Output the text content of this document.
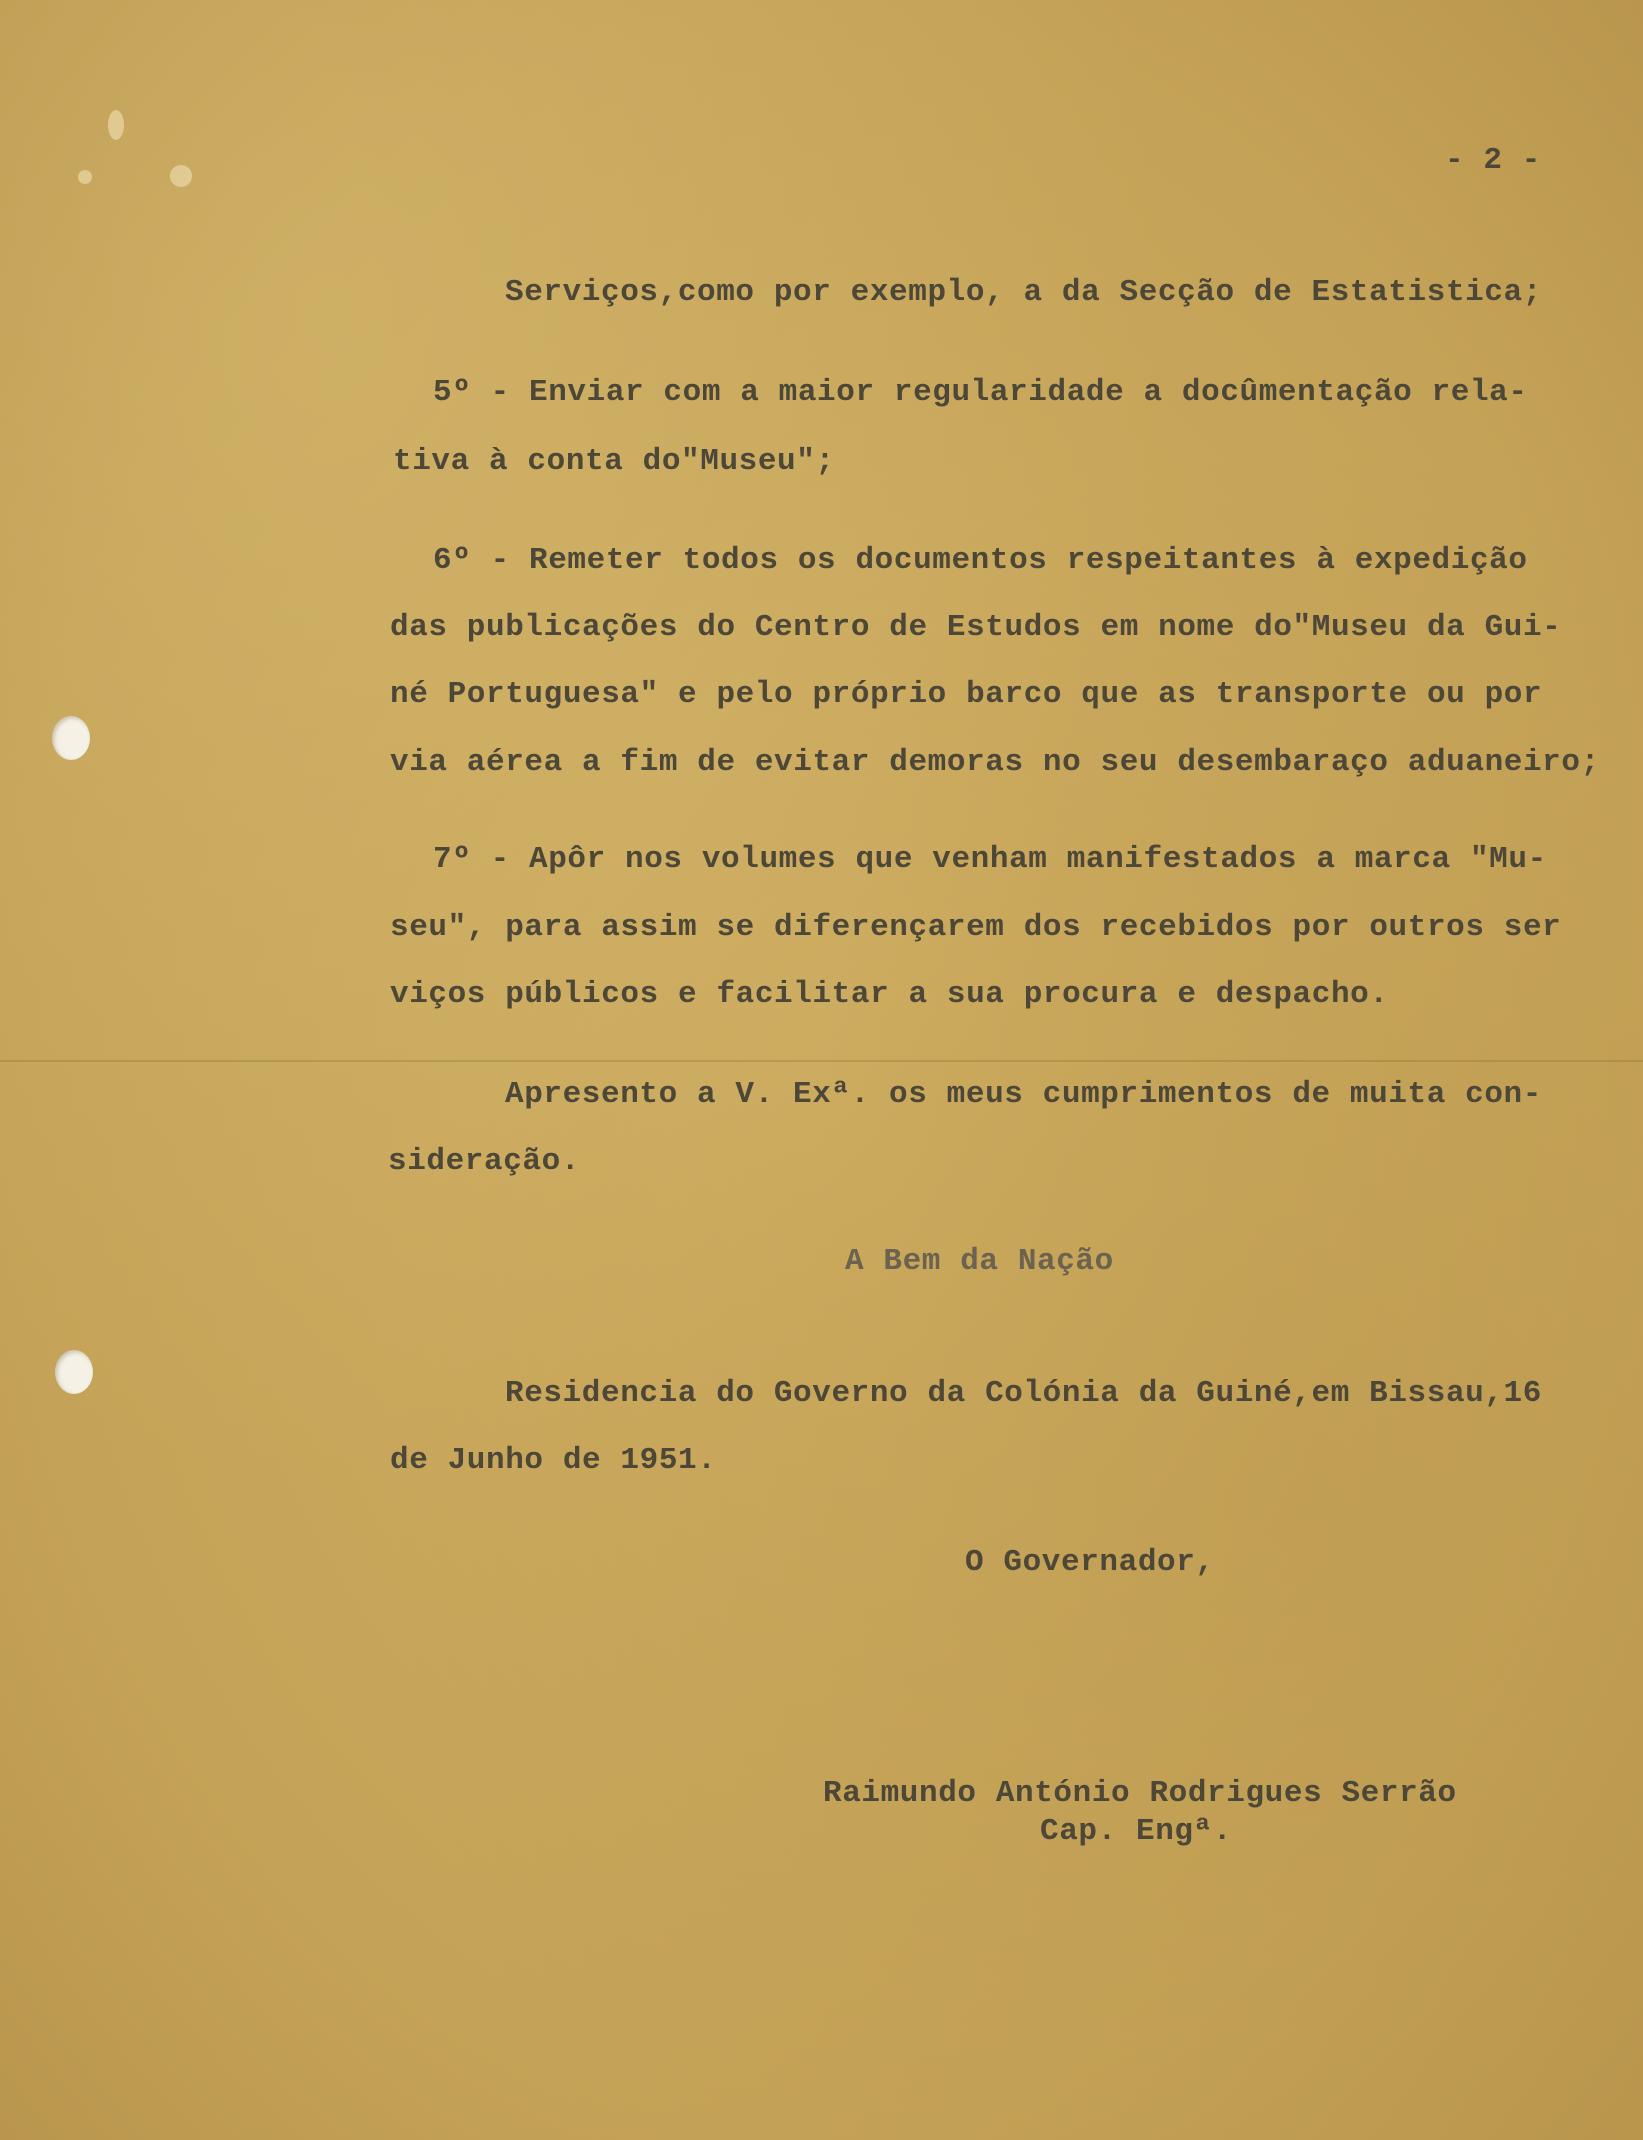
- 2 -
Serviços,como por exemplo, a da Secção de Estatistica;
5º - Enviar com a maior regularidade a docûmentação rela-
tiva à conta do"Museu";
6º - Remeter todos os documentos respeitantes à expedição
das publicações do Centro de Estudos em nome do"Museu da Gui-
né Portuguesa" e pelo próprio barco que as transporte ou por
via aérea a fim de evitar demoras no seu desembaraço aduaneiro;
7º - Apôr nos volumes que venham manifestados a marca "Mu-
seu", para assim se diferençarem dos recebidos por outros ser
viços públicos e facilitar a sua procura e despacho.
Apresento a V. Exª. os meus cumprimentos de muita con-
sideração.
A Bem da Nação
Residencia do Governo da Colónia da Guiné,em Bissau,16
de Junho de 1951.
O Governador,
Raimundo António Rodrigues Serrão
Cap. Engª.
